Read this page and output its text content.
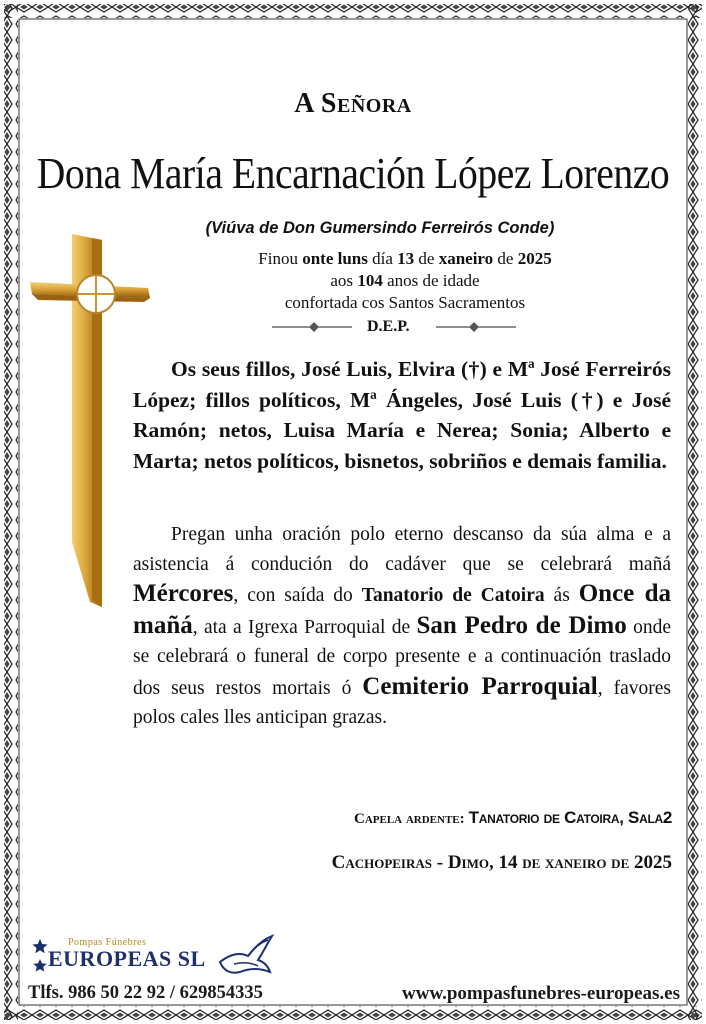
A Señora
Dona María Encarnación López Lorenzo
(Viúva de Don Gumersindo Ferreirós Conde)
Finou onte luns día 13 de xaneiro de 2025
aos 104 anos de idade
confortada cos Santos Sacramentos
D.E.P.
Os seus fillos, José Luis, Elvira (†) e Mª José Ferreirós López; fillos políticos, Mª Ángeles, José Luis (†) e José Ramón; netos, Luisa María e Nerea; Sonia; Alberto e Marta; netos políticos, bisnetos, sobriños e demais familia.
Pregan unha oración polo eterno descanso da súa alma e a asistencia á condución do cadáver que se celebrará mañá Mércores, con saída do Tanatorio de Catoira ás Once da mañá, ata a Igrexa Parroquial de San Pedro de Dimo onde se celebrará o funeral de corpo presente e a continuación traslado dos seus restos mortais ó Cemiterio Parroquial, favores polos cales lles anticipan grazas.
Capela ardente: Tanatorio de Catoira, Sala2
Cachopeiras - Dimo, 14 de xaneiro de 2025
Pompas Fúnebres
EUROPEAS SL
Tlfs. 986 50 22 92 / 629854335	www.pompasfunebres-europeas.es
